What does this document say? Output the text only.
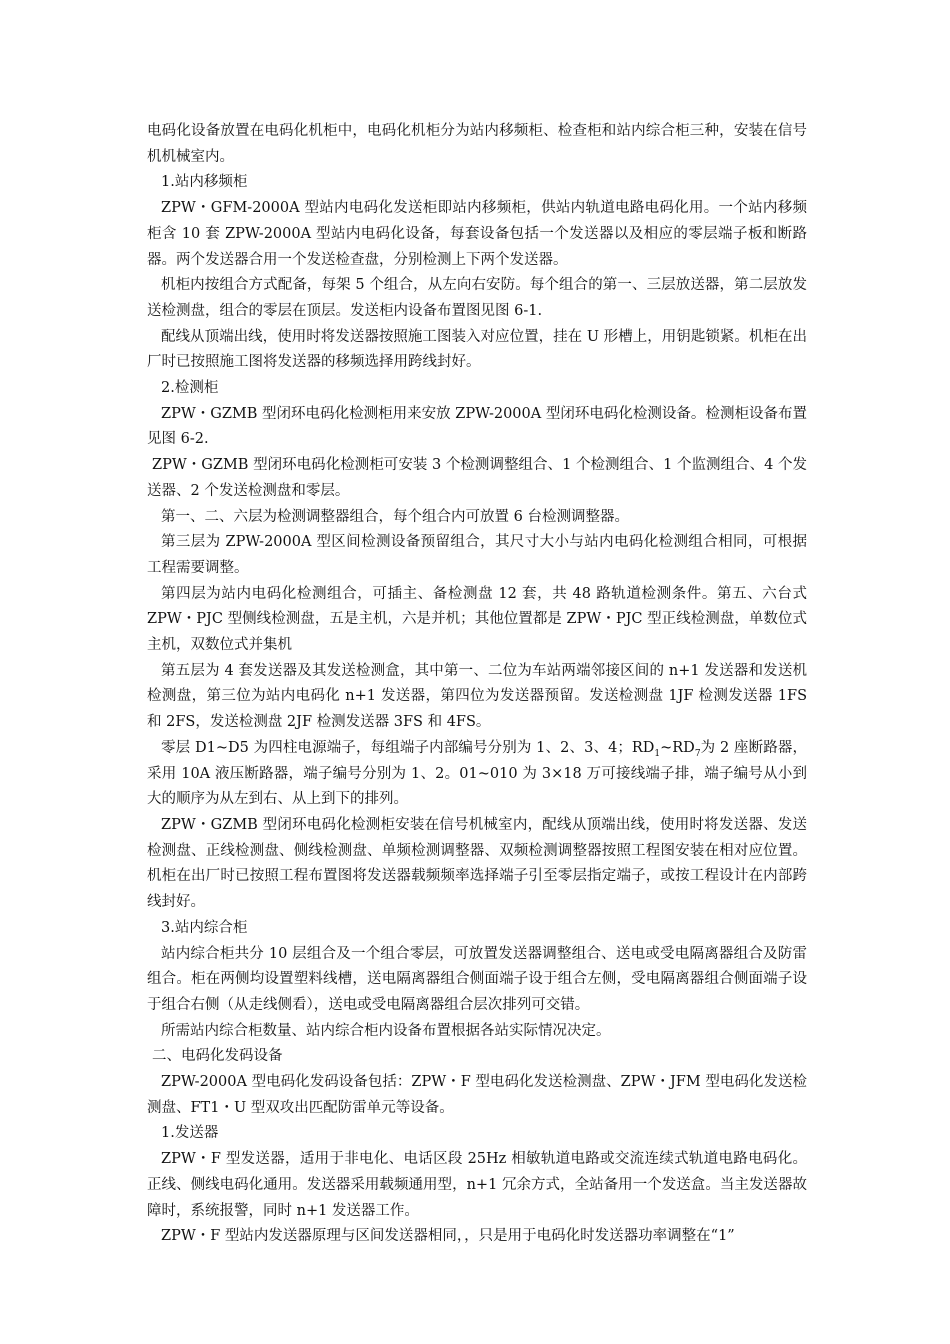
电码化设备放置在电码化机柜中，电码化机柜分为站内移频柜、检查柜和站内综合柜三种，安装在信号机机械室内。

1.站内移频柜

ZPW・GFM-2000A 型站内电码化发送柜即站内移频柜，供站内轨道电路电码化用。一个站内移频柜含 10 套 ZPW-2000A 型站内电码化设备，每套设备包括一个发送器以及相应的零层端子板和断路器。两个发送器合用一个发送检查盘，分别检测上下两个发送器。

机柜内按组合方式配备，每架 5 个组合，从左向右安防。每个组合的第一、三层放送器，第二层放发送检测盘，组合的零层在顶层。发送柜内设备布置图见图 6-1.

配线从顶端出线，使用时将发送器按照施工图装入对应位置，挂在 U 形槽上，用钥匙锁紧。机柜在出厂时已按照施工图将发送器的移频选择用跨线封好。

2.检测柜

ZPW・GZMB 型闭环电码化检测柜用来安放 ZPW-2000A 型闭环电码化检测设备。检测柜设备布置见图 6-2.

ZPW・GZMB 型闭环电码化检测柜可安装 3 个检测调整组合、1 个检测组合、1 个监测组合、4 个发送器、2 个发送检测盘和零层。

第一、二、六层为检测调整器组合，每个组合内可放置 6 台检测调整器。

第三层为 ZPW-2000A 型区间检测设备预留组合，其尺寸大小与站内电码化检测组合相同，可根据工程需要调整。

第四层为站内电码化检测组合，可插主、备检测盘 12 套，共 48 路轨道检测条件。第五、六台式 ZPW・PJC 型侧线检测盘，五是主机，六是并机；其他位置都是 ZPW・PJC 型正线检测盘，单数位式主机，双数位式并集机

第五层为 4 套发送器及其发送检测盒，其中第一、二位为车站两端邻接区间的 n+1 发送器和发送机检测盘，第三位为站内电码化 n+1 发送器，第四位为发送器预留。发送检测盘 1JF 检测发送器 1FS 和 2FS，发送检测盘 2JF 检测发送器 3FS 和 4FS。

零层 D1~D5 为四柱电源端子，每组端子内部编号分别为 1、2、3、4；$RD_1\sim RD_7$为 2 座断路器，采用 10A 液压断路器，端子编号分别为 1、2。01~010 为 3×18 万可接线端子排，端子编号从小到大的顺序为从左到右、从上到下的排列。

ZPW・GZMB 型闭环电码化检测柜安装在信号机械室内，配线从顶端出线，使用时将发送器、发送检测盘、正线检测盘、侧线检测盘、单频检测调整器、双频检测调整器按照工程图安装在相对应位置。机柜在出厂时已按照工程布置图将发送器载频频率选择端子引至零层指定端子，或按工程设计在内部跨线封好。

3.站内综合柜

站内综合柜共分 10 层组合及一个组合零层，可放置发送器调整组合、送电或受电隔离器组合及防雷组合。柜在两侧均设置塑料线槽，送电隔离器组合侧面端子设于组合左侧，受电隔离器组合侧面端子设于组合右侧（从走线侧看），送电或受电隔离器组合层次排列可交错。

所需站内综合柜数量、站内综合柜内设备布置根据各站实际情况决定。

二、电码化发码设备

ZPW-2000A 型电码化发码设备包括：ZPW・F 型电码化发送检测盘、ZPW・JFM 型电码化发送检测盘、FT1・U 型双攻出匹配防雷单元等设备。

1.发送器

ZPW・F 型发送器，适用于非电化、电话区段 25Hz 相敏轨道电路或交流连续式轨道电路电码化。正线、侧线电码化通用。发送器采用载频通用型，n+1 冗余方式，全站备用一个发送盒。当主发送器故障时，系统报警，同时 n+1 发送器工作。

ZPW・F 型站内发送器原理与区间发送器相同，，只是用于电码化时发送器功率调整在“1”
